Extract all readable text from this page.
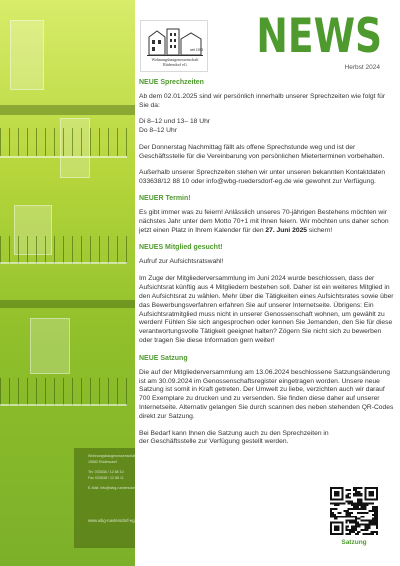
Wohnungsbaugenossenschaft
15562 Rüdersdorf
Tel. 033638 / 12 88 10
Fax 033638 / 12 88 11
E-Mail: info@wbg-ruedersdorf-eg.de
www.wbg-ruedersdorf-eg.de
seit 1953
Wohnungsbaugenossenschaft
Rüdersdorf eG
NEWS
Herbst 2024
NEUE Sprechzeiten

Ab dem 02.01.2025 sind wir persönlich innerhalb unserer Sprechzeiten wie folgt für Sie da:

Di 8–12 und 13– 18 Uhr
Do 8–12 Uhr

Der Donnerstag Nachmittag fällt als offene Sprechstunde weg und ist der Geschäftsstelle für die Vereinbarung von persönlichen Mieterterminen vorbehalten.

Außerhalb unserer Sprechzeiten stehen wir unter unseren bekannten Kontaktdaten 033638/12 88 10 oder info@wbg-ruedersdorf-eg.de wie gewohnt zur Verfügung.

NEUER Termin!

Es gibt immer was zu feiern! Anlässlich unseres 70-jährigen Bestehens möchten wir nächstes Jahr unter dem Motto 70+1 mit Ihnen feiern. Wir möchten uns daher schon jetzt einen Platz in Ihrem Kalender für den 27. Juni 2025 sichern!

NEUES Mitglied gesucht!

Aufruf zur Aufsichtsratswahl!

Im Zuge der Mitgliederversammlung im Juni 2024 wurde beschlossen, dass der Aufsichtsrat künftig aus 4 Mitgliedern bestehen soll. Daher ist ein weiteres Mitglied in den Aufsichtsrat zu wählen. Mehr über die Tätigkeiten eines Aufsichtsrates sowie über das Bewerbungsverfahren erfahren Sie auf unserer Internetseite. Übrigens: Ein Aufsichtsratmitglied muss nicht in unserer Genossenschaft wohnen, um gewählt zu werden! Fühlen Sie sich angesprochen oder kennen Sie Jemanden, den Sie für diese verantwortungsvolle Tätigkeit geeignet halten? Zögern Sie nicht sich zu bewerben oder tragen Sie diese Information gern weiter!

NEUE Satzung

Die auf der Mitgliederversammlung am 13.06.2024 beschlossene Satzungsänderung ist am 30.09.2024 im Genossenschaftsregister eingetragen worden. Unsere neue Satzung ist somit in Kraft getreten. Der Umwelt zu liebe, verzichten auch wir darauf 700 Exemplare zu drucken und zu versenden. Sie finden diese daher auf unserer Internetseite. Alternativ gelangen Sie durch scannen des neben stehenden QR-Codes direkt zur Satzung.

Bei Bedarf kann Ihnen die Satzung auch zu den Sprechzeiten in der Geschäftsstelle zur Verfügung gestellt werden.

Satzung
